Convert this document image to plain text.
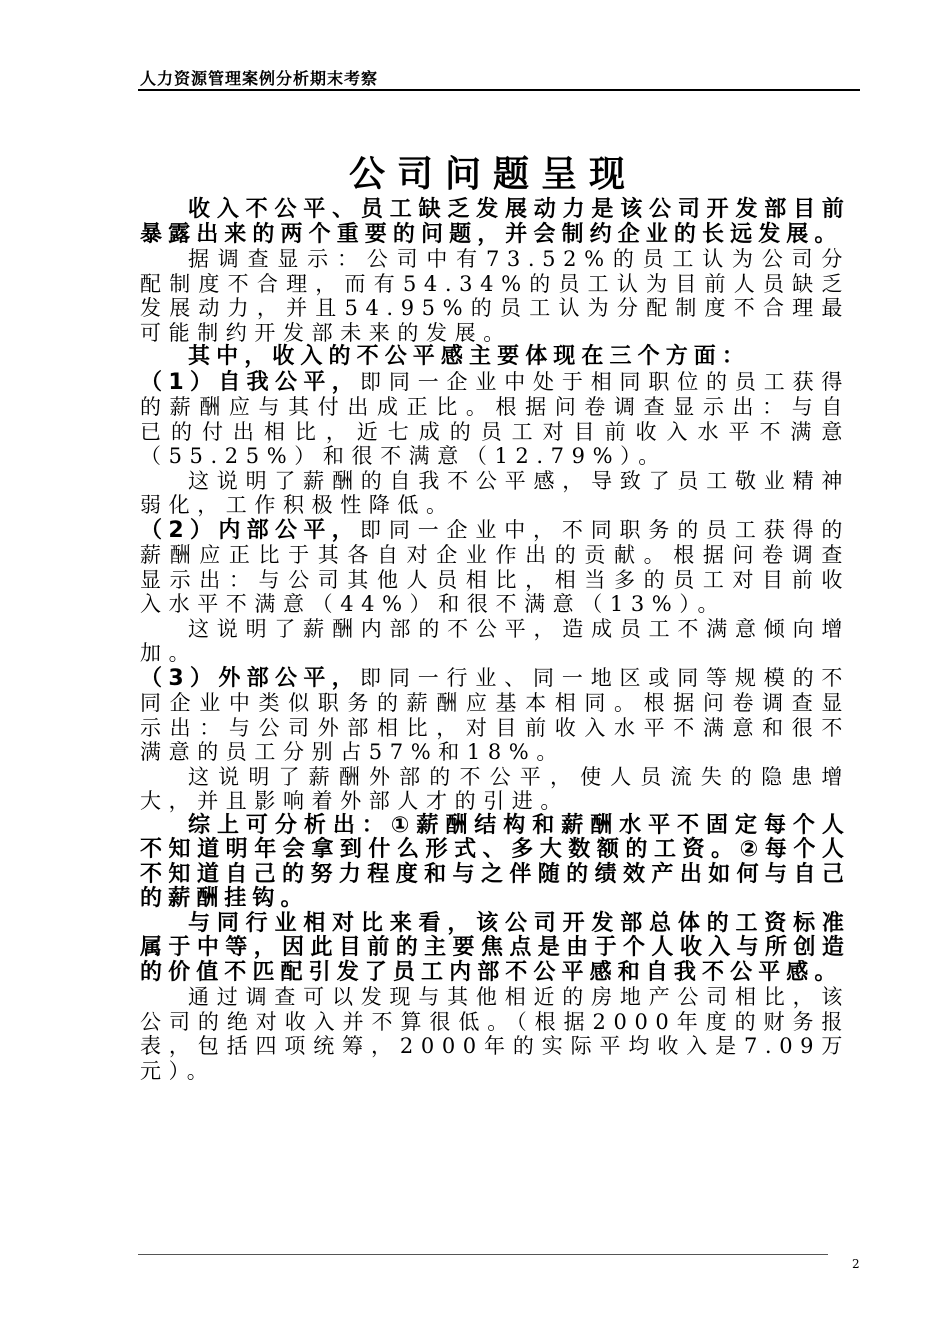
人力资源管理案例分析期末考察
公司问题呈现

收入不公平、员工缺乏发展动力是该公司开发部目前暴露出来的两个重要的问题，并会制约企业的长远发展。

据调查显示：公司中有73.52%的员工认为公司分配制度不合理，而有54.34%的员工认为目前人员缺乏发展动力，并且54.95%的员工认为分配制度不合理最可能制约开发部未来的发展。

其中，收入的不公平感主要体现在三个方面：

（1）自我公平，即同一企业中处于相同职位的员工获得的薪酬应与其付出成正比。根据问卷调查显示出：与自已的付出相比，近七成的员工对目前收入水平不满意（55.25%）和很不满意（12.79%）。

这说明了薪酬的自我不公平感，导致了员工敬业精神弱化，工作积极性降低。

（2）内部公平，即同一企业中，不同职务的员工获得的薪酬应正比于其各自对企业作出的贡献。根据问卷调查显示出：与公司其他人员相比，相当多的员工对目前收入水平不满意（44%）和很不满意（13%）。

这说明了薪酬内部的不公平，造成员工不满意倾向增加。

（3）外部公平，即同一行业、同一地区或同等规模的不同企业中类似职务的薪酬应基本相同。根据问卷调查显示出：与公司外部相比，对目前收入水平不满意和很不满意的员工分别占57%和18%。

这说明了薪酬外部的不公平，使人员流失的隐患增大，并且影响着外部人才的引进。

综上可分析出：①薪酬结构和薪酬水平不固定每个人不知道明年会拿到什么形式、多大数额的工资。②每个人不知道自己的努力程度和与之伴随的绩效产出如何与自己的薪酬挂钩。

与同行业相对比来看，该公司开发部总体的工资标准属于中等，因此目前的主要焦点是由于个人收入与所创造的价值不匹配引发了员工内部不公平感和自我不公平感。

通过调查可以发现与其他相近的房地产公司相比，该公司的绝对收入并不算很低。（根据2000年度的财务报表，包括四项统筹，2000年的实际平均收入是7.09万元）。

2
